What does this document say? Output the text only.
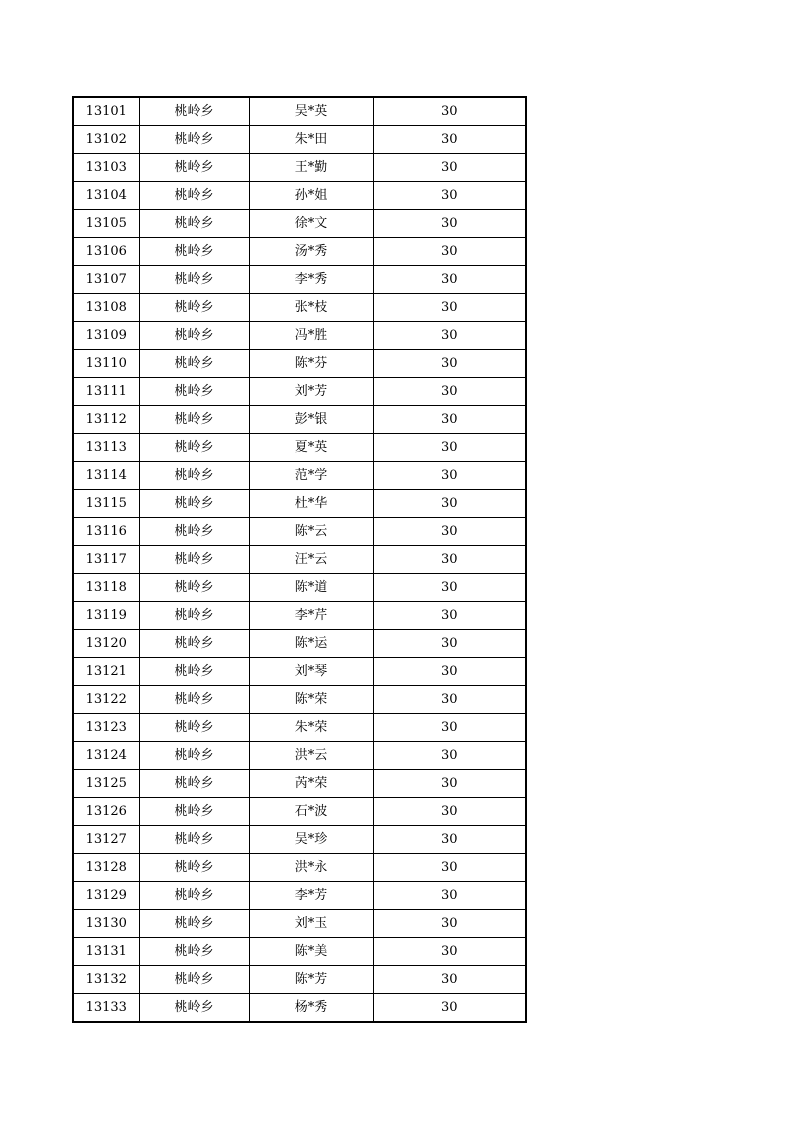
13101	桃岭乡	吴*英	30
13102	桃岭乡	朱*田	30
13103	桃岭乡	王*勤	30
13104	桃岭乡	孙*姐	30
13105	桃岭乡	徐*文	30
13106	桃岭乡	汤*秀	30
13107	桃岭乡	李*秀	30
13108	桃岭乡	张*枝	30
13109	桃岭乡	冯*胜	30
13110	桃岭乡	陈*芬	30
13111	桃岭乡	刘*芳	30
13112	桃岭乡	彭*银	30
13113	桃岭乡	夏*英	30
13114	桃岭乡	范*学	30
13115	桃岭乡	杜*华	30
13116	桃岭乡	陈*云	30
13117	桃岭乡	汪*云	30
13118	桃岭乡	陈*道	30
13119	桃岭乡	李*芹	30
13120	桃岭乡	陈*运	30
13121	桃岭乡	刘*琴	30
13122	桃岭乡	陈*荣	30
13123	桃岭乡	朱*荣	30
13124	桃岭乡	洪*云	30
13125	桃岭乡	芮*荣	30
13126	桃岭乡	石*波	30
13127	桃岭乡	吴*珍	30
13128	桃岭乡	洪*永	30
13129	桃岭乡	李*芳	30
13130	桃岭乡	刘*玉	30
13131	桃岭乡	陈*美	30
13132	桃岭乡	陈*芳	30
13133	桃岭乡	杨*秀	30
